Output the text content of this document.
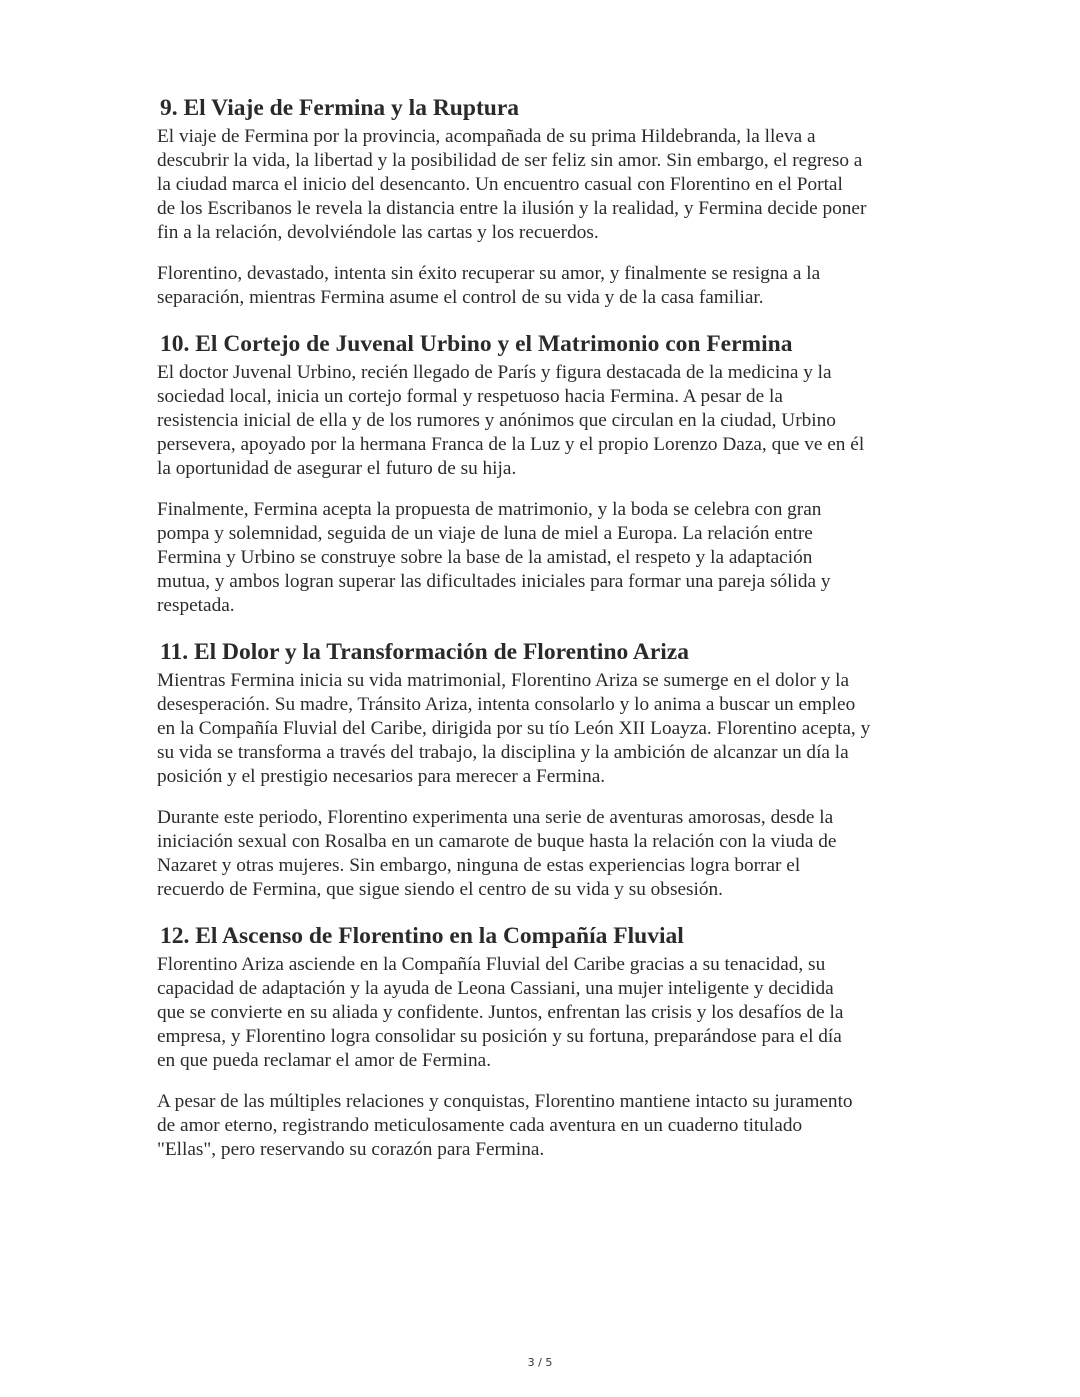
9. El Viaje de Fermina y la Ruptura
El viaje de Fermina por la provincia, acompañada de su prima Hildebranda, la lleva a
descubrir la vida, la libertad y la posibilidad de ser feliz sin amor. Sin embargo, el regreso a
la ciudad marca el inicio del desencanto. Un encuentro casual con Florentino en el Portal
de los Escribanos le revela la distancia entre la ilusión y la realidad, y Fermina decide poner
fin a la relación, devolviéndole las cartas y los recuerdos.
Florentino, devastado, intenta sin éxito recuperar su amor, y finalmente se resigna a la
separación, mientras Fermina asume el control de su vida y de la casa familiar.
10. El Cortejo de Juvenal Urbino y el Matrimonio con Fermina
El doctor Juvenal Urbino, recién llegado de París y figura destacada de la medicina y la
sociedad local, inicia un cortejo formal y respetuoso hacia Fermina. A pesar de la
resistencia inicial de ella y de los rumores y anónimos que circulan en la ciudad, Urbino
persevera, apoyado por la hermana Franca de la Luz y el propio Lorenzo Daza, que ve en él
la oportunidad de asegurar el futuro de su hija.
Finalmente, Fermina acepta la propuesta de matrimonio, y la boda se celebra con gran
pompa y solemnidad, seguida de un viaje de luna de miel a Europa. La relación entre
Fermina y Urbino se construye sobre la base de la amistad, el respeto y la adaptación
mutua, y ambos logran superar las dificultades iniciales para formar una pareja sólida y
respetada.
11. El Dolor y la Transformación de Florentino Ariza
Mientras Fermina inicia su vida matrimonial, Florentino Ariza se sumerge en el dolor y la
desesperación. Su madre, Tránsito Ariza, intenta consolarlo y lo anima a buscar un empleo
en la Compañía Fluvial del Caribe, dirigida por su tío León XII Loayza. Florentino acepta, y
su vida se transforma a través del trabajo, la disciplina y la ambición de alcanzar un día la
posición y el prestigio necesarios para merecer a Fermina.
Durante este periodo, Florentino experimenta una serie de aventuras amorosas, desde la
iniciación sexual con Rosalba en un camarote de buque hasta la relación con la viuda de
Nazaret y otras mujeres. Sin embargo, ninguna de estas experiencias logra borrar el
recuerdo de Fermina, que sigue siendo el centro de su vida y su obsesión.
12. El Ascenso de Florentino en la Compañía Fluvial
Florentino Ariza asciende en la Compañía Fluvial del Caribe gracias a su tenacidad, su
capacidad de adaptación y la ayuda de Leona Cassiani, una mujer inteligente y decidida
que se convierte en su aliada y confidente. Juntos, enfrentan las crisis y los desafíos de la
empresa, y Florentino logra consolidar su posición y su fortuna, preparándose para el día
en que pueda reclamar el amor de Fermina.
A pesar de las múltiples relaciones y conquistas, Florentino mantiene intacto su juramento
de amor eterno, registrando meticulosamente cada aventura en un cuaderno titulado
"Ellas", pero reservando su corazón para Fermina.
3 / 5
